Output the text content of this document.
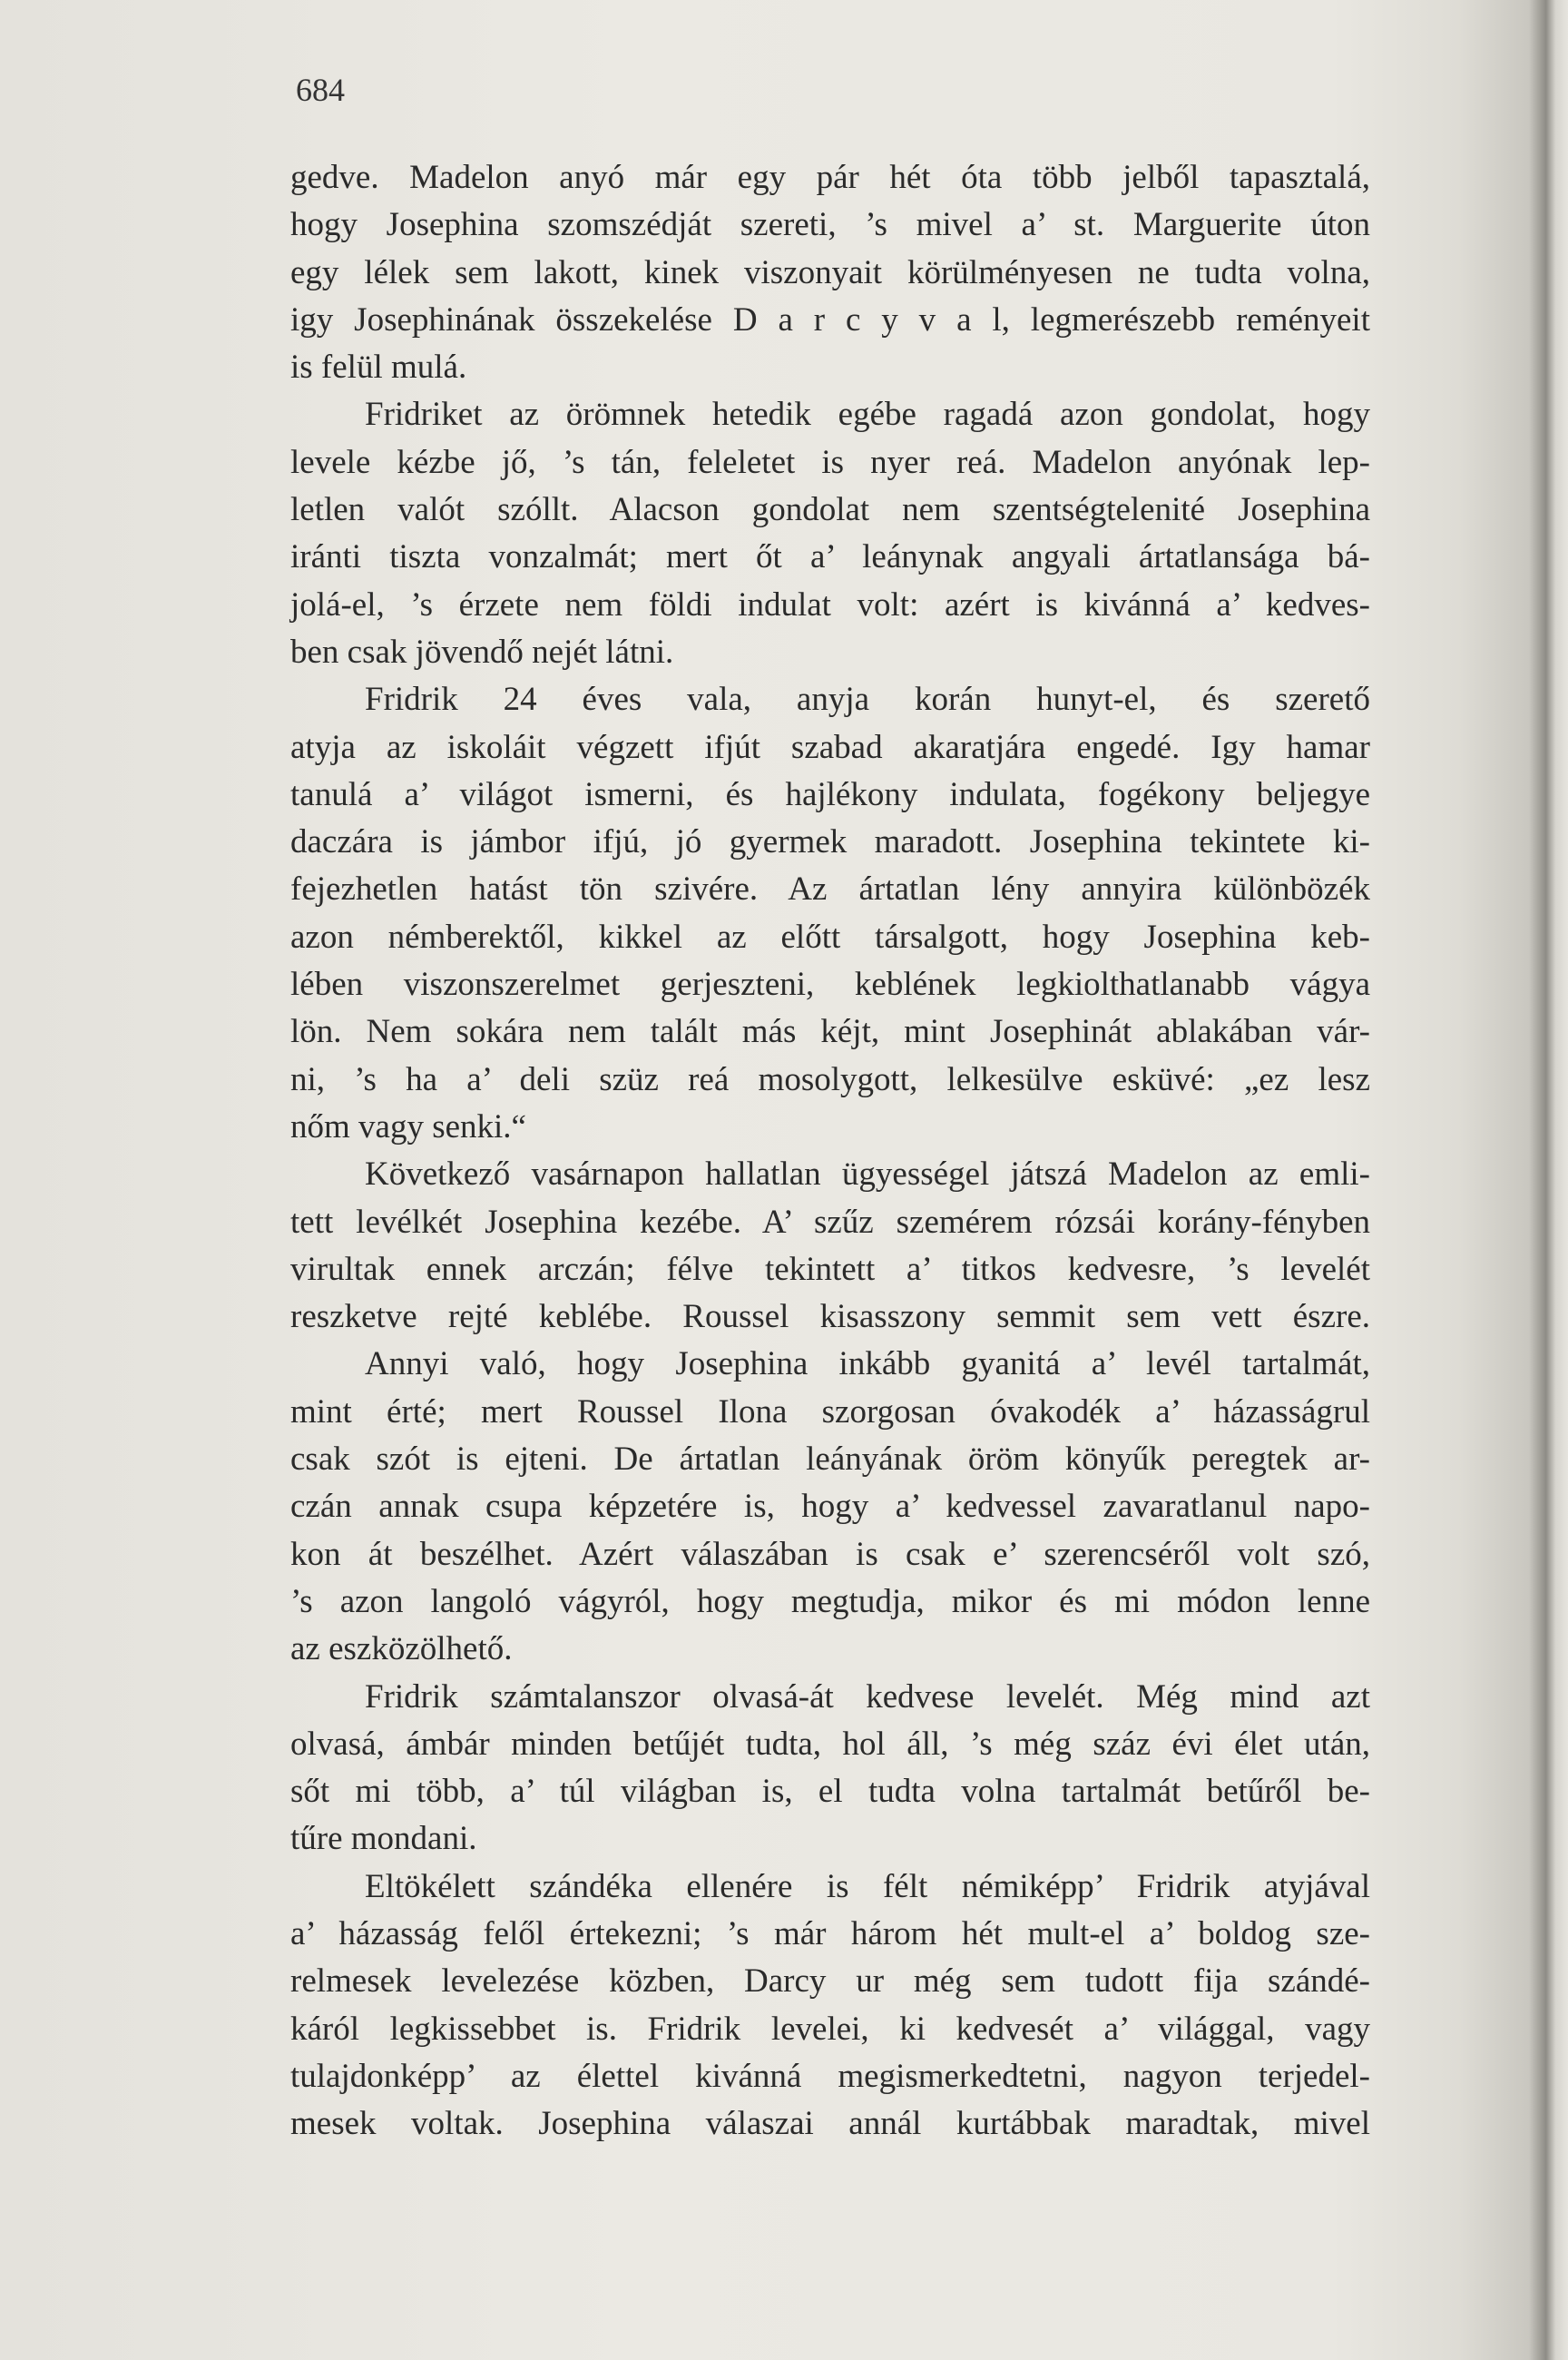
684
gedve. Madelon anyó már egy pár hét óta több jelből tapasztalá,
hogy Josephina szomszédját szereti, ’s mivel a’ st. Marguerite úton
egy lélek sem lakott, kinek viszonyait körülményesen ne tudta volna,
igy Josephinának összekelése D a r c y v a l, legmerészebb reményeit
is felül mulá.
Fridriket az örömnek hetedik egébe ragadá azon gondolat, hogy
levele kézbe jő, ’s tán, feleletet is nyer reá. Madelon anyónak lep-
letlen valót szóllt. Alacson gondolat nem szentségtelenité Josephina
iránti tiszta vonzalmát; mert őt a’ leánynak angyali ártatlansága bá-
jolá-el, ’s érzete nem földi indulat volt: azért is kivánná a’ kedves-
ben csak jövendő nejét látni.
Fridrik 24 éves vala, anyja korán hunyt-el, és szerető
atyja az iskoláit végzett ifjút szabad akaratjára engedé. Igy hamar
tanulá a’ világot ismerni, és hajlékony indulata, fogékony beljegye
daczára is jámbor ifjú, jó gyermek maradott. Josephina tekintete ki-
fejezhetlen hatást tön szivére. Az ártatlan lény annyira különbözék
azon némberektől, kikkel az előtt társalgott, hogy Josephina keb-
lében viszonszerelmet gerjeszteni, keblének legkiolthatlanabb vágya
lön. Nem sokára nem talált más kéjt, mint Josephinát ablakában vár-
ni, ’s ha a’ deli szüz reá mosolygott, lelkesülve esküvé: „ez lesz
nőm vagy senki.“
Következő vasárnapon hallatlan ügyességel játszá Madelon az emli-
tett levélkét Josephina kezébe. A’ szűz szemérem rózsái korány-fényben
virultak ennek arczán; félve tekintett a’ titkos kedvesre, ’s levelét
reszketve rejté keblébe. Roussel kisasszony semmit sem vett észre.
Annyi való, hogy Josephina inkább gyanitá a’ levél tartalmát,
mint érté; mert Roussel Ilona szorgosan óvakodék a’ házasságrul
csak szót is ejteni. De ártatlan leányának öröm könyűk peregtek ar-
czán annak csupa képzetére is, hogy a’ kedvessel zavaratlanul napo-
kon át beszélhet. Azért válaszában is csak e’ szerencséről volt szó,
’s azon langoló vágyról, hogy megtudja, mikor és mi módon lenne
az eszközölhető.
Fridrik számtalanszor olvasá-át kedvese levelét. Még mind azt
olvasá, ámbár minden betűjét tudta, hol áll, ’s még száz évi élet után,
sőt mi több, a’ túl világban is, el tudta volna tartalmát betűről be-
tűre mondani.
Eltökélett szándéka ellenére is félt némiképp’ Fridrik atyjával
a’ házasság felől értekezni; ’s már három hét mult-el a’ boldog sze-
relmesek levelezése közben, Darcy ur még sem tudott fija szándé-
káról legkissebbet is. Fridrik levelei, ki kedvesét a’ világgal, vagy
tulajdonképp’ az élettel kivánná megismerkedtetni, nagyon terjedel-
mesek voltak. Josephina válaszai annál kurtábbak maradtak, mivel
